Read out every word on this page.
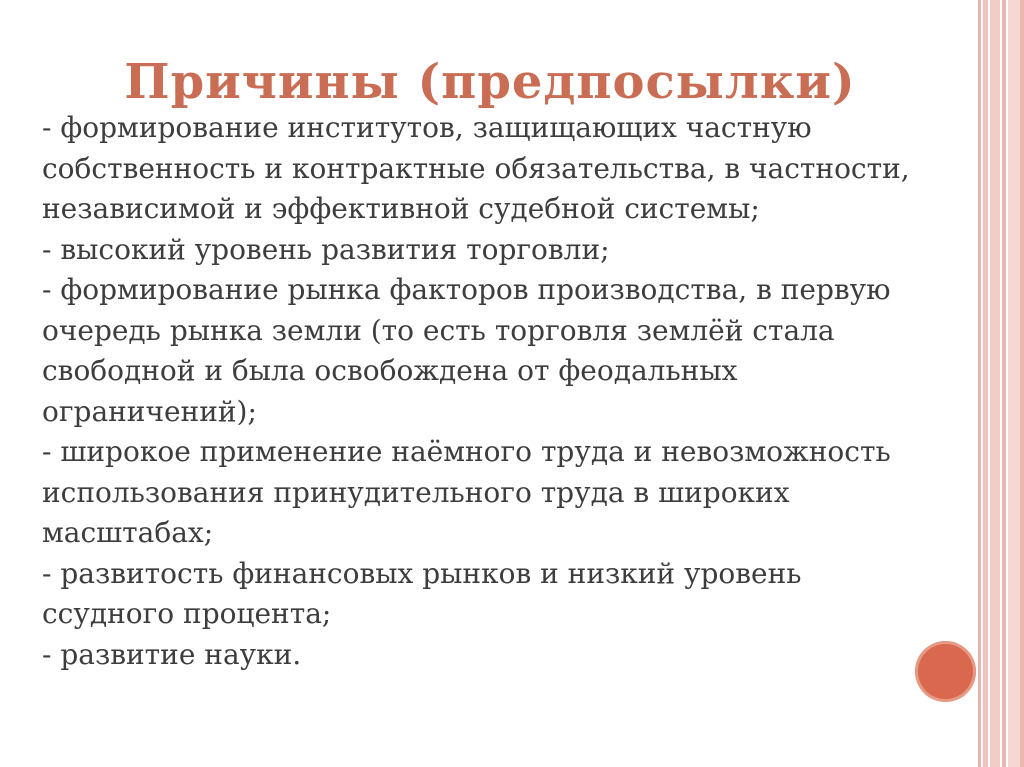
Причины (предпосылки)
- формирование институтов, защищающих частную собственность и контрактные обязательства, в частности, независимой и эффективной судебной системы;
- высокий уровень развития торговли;
- формирование рынка факторов производства, в первую очередь рынка земли (то есть торговля землёй стала свободной и была освобождена от феодальных ограничений);
- широкое применение наёмного труда и невозможность использования принудительного труда в широких масштабах;
- развитость финансовых рынков и низкий уровень ссудного процента;
- развитие науки.
